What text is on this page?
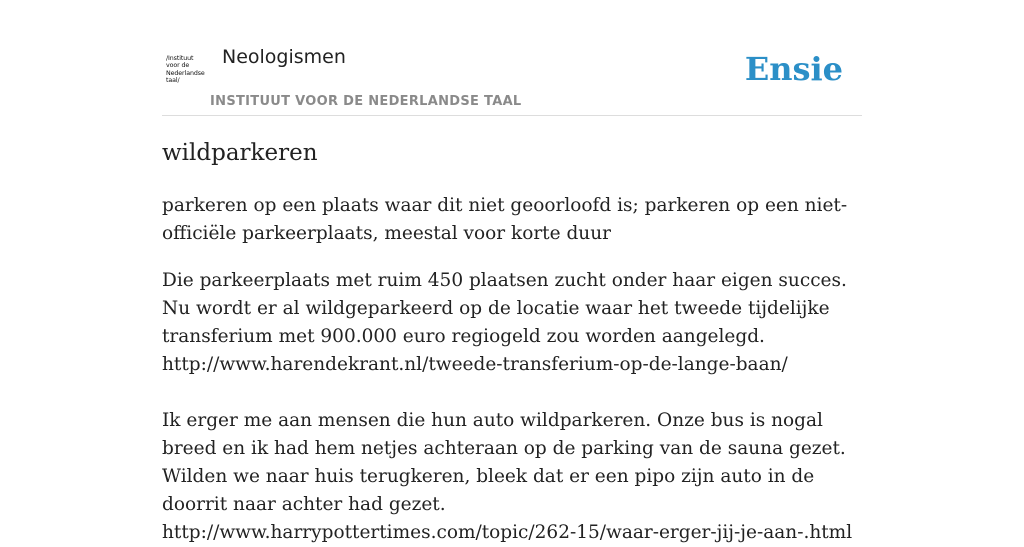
/Instituut
voor de
Nederlandse
taal/
Neologismen
INSTITUUT VOOR DE NEDERLANDSE TAAL
Ensie
wildparkeren

parkeren op een plaats waar dit niet geoorloofd is; parkeren op een niet-officiële parkeerplaats, meestal voor korte duur

Die parkeerplaats met ruim 450 plaatsen zucht onder haar eigen succes. Nu wordt er al wildgeparkeerd op de locatie waar het tweede tijdelijke transferium met 900.000 euro regiogeld zou worden aangelegd.
http://www.harendekrant.nl/tweede-transferium-op-de-lange-baan/

Ik erger me aan mensen die hun auto wildparkeren. Onze bus is nogal breed en ik had hem netjes achteraan op de parking van de sauna gezet. Wilden we naar huis terugkeren, bleek dat er een pipo zijn auto in de doorrit naar achter had gezet.
http://www.harrypottertimes.com/topic/262-15/waar-erger-jij-je-aan-.html
